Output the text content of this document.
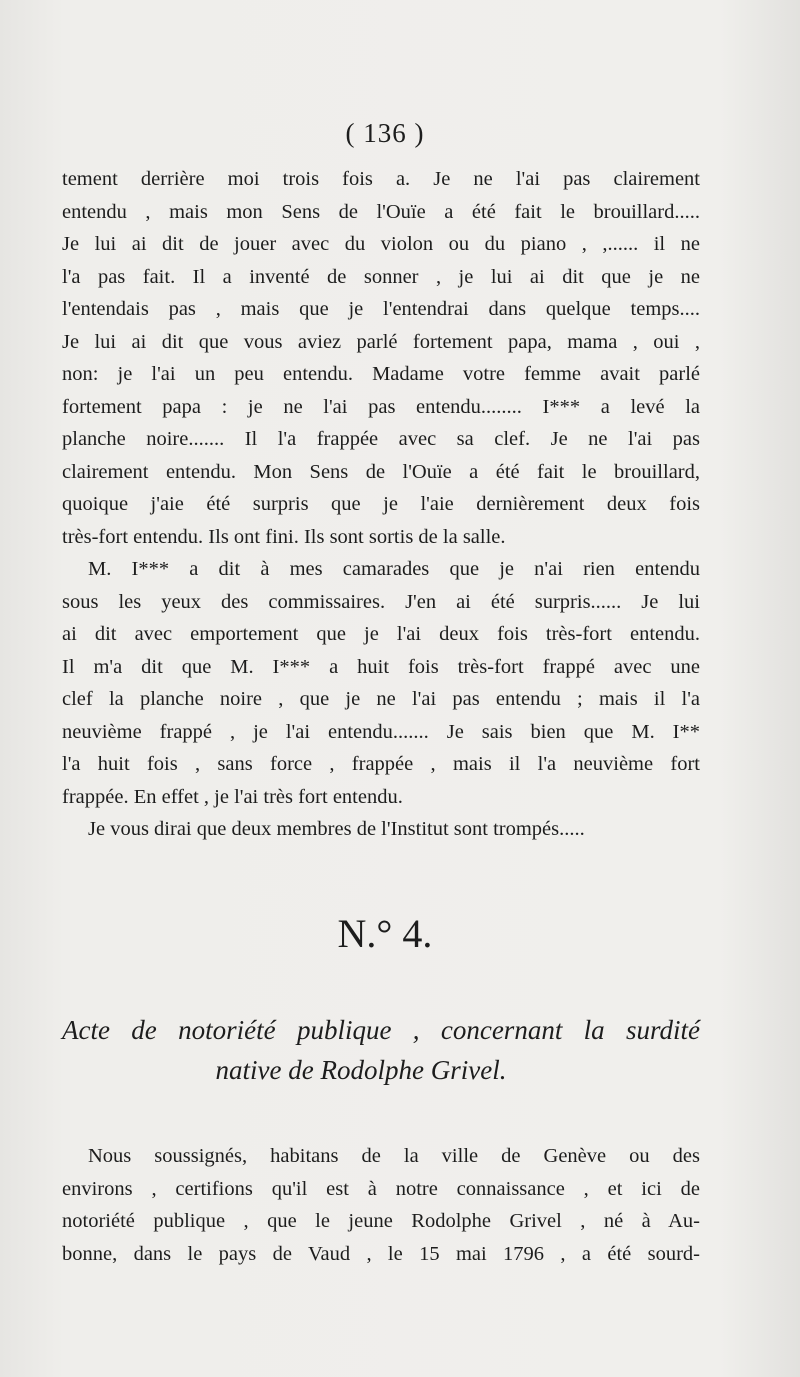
( 136 )
tement derrière moi trois fois a. Je ne l'ai pas clairement
entendu , mais mon Sens de l'Ouïe a été fait le brouillard.....
Je lui ai dit de jouer avec du violon ou du piano , ,...... il ne
l'a pas fait. Il a inventé de sonner , je lui ai dit que je ne
l'entendais pas , mais que je l'entendrai dans quelque temps....
Je lui ai dit que vous aviez parlé fortement papa, mama , oui ,
non: je l'ai un peu entendu. Madame votre femme avait parlé
fortement papa : je ne l'ai pas entendu........ I*** a levé la
planche noire....... Il l'a frappée avec sa clef. Je ne l'ai pas
clairement entendu. Mon Sens de l'Ouïe a été fait le brouillard,
quoique j'aie été surpris que je l'aie dernièrement deux fois
très-fort entendu. Ils ont fini. Ils sont sortis de la salle.
M. I*** a dit à mes camarades que je n'ai rien entendu
sous les yeux des commissaires. J'en ai été surpris...... Je lui
ai dit avec emportement que je l'ai deux fois très-fort entendu.
Il m'a dit que M. I*** a huit fois très-fort frappé avec une
clef la planche noire , que je ne l'ai pas entendu ; mais il l'a
neuvième frappé , je l'ai entendu....... Je sais bien que M. I**
l'a huit fois , sans force , frappée , mais il l'a neuvième fort
frappée. En effet , je l'ai très fort entendu.
Je vous dirai que deux membres de l'Institut sont trompés.....
N.° 4.
Acte de notoriété publique , concernant la surdité
native de Rodolphe Grivel.
Nous soussignés, habitans de la ville de Genève ou des
environs , certifions qu'il est à notre connaissance , et ici de
notoriété publique , que le jeune Rodolphe Grivel , né à Au-
bonne, dans le pays de Vaud , le 15 mai 1796 , a été sourd-
